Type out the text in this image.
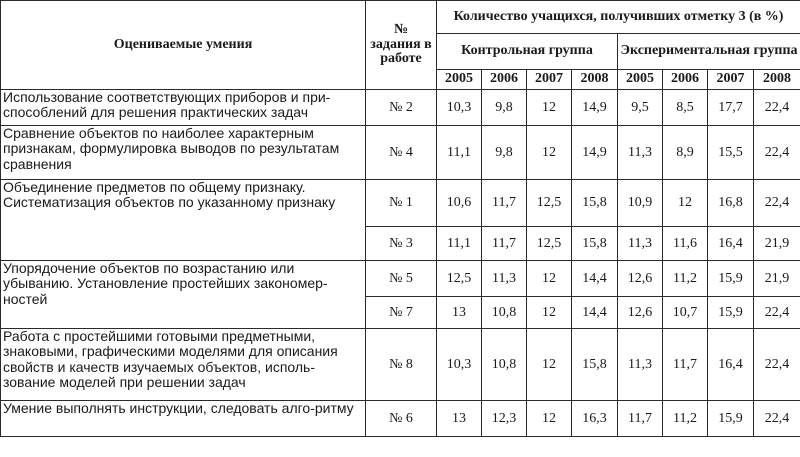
Оцениваемые умения	№ задания в работе	Количество учащихся, получивших отметку 3 (в %)							
		Контрольная группа				Экспериментальная группа			
		2005	2006	2007	2008	2005	2006	2007	2008
Использование соответствующих приборов и при-способлений для решения практических задач	№ 2	10,3	9,8	12	14,9	9,5	8,5	17,7	22,4
Сравнение объектов по наиболее характерным признакам, формулировка выводов по результатам сравнения	№ 4	11,1	9,8	12	14,9	11,3	8,9	15,5	22,4
Объединение предметов по общему признаку. Систематизация объектов по указанному признаку	№ 1	10,6	11,7	12,5	15,8	10,9	12	16,8	22,4
	№ 3	11,1	11,7	12,5	15,8	11,3	11,6	16,4	21,9
Упорядочение объектов по возрастанию или убыванию. Установление простейших закономер-ностей	№ 5	12,5	11,3	12	14,4	12,6	11,2	15,9	21,9
	№ 7	13	10,8	12	14,4	12,6	10,7	15,9	22,4
Работа с простейшими готовыми предметными, знаковыми, графическими моделями для описания свойств и качеств изучаемых объектов, исполь-зование моделей при решении задач	№ 8	10,3	10,8	12	15,8	11,3	11,7	16,4	22,4
Умение выполнять инструкции, следовать алго-ритму	№ 6	13	12,3	12	16,3	11,7	11,2	15,9	22,4
